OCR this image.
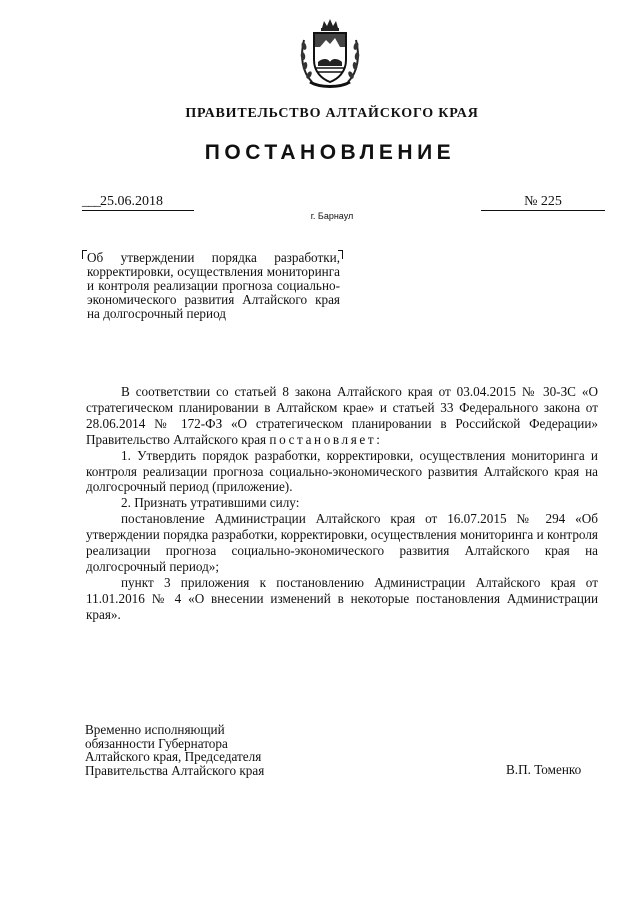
ПРАВИТЕЛЬСТВО АЛТАЙСКОГО КРАЯ
ПОСТАНОВЛЕНИЕ
___25.06.2018	№ 225
г. Барнаул
Об утверждении порядка разработки, корректировки, осуществления мониторинга и контроля реализации прогноза социально-экономического развития Алтайского края на долгосрочный период

В соответствии со статьей 8 закона Алтайского края от 03.04.2015 № 30-ЗС «О стратегическом планировании в Алтайском крае» и статьей 33 Федерального закона от 28.06.2014 № 172-ФЗ «О стратегическом планировании в Российской Федерации» Правительство Алтайского края постановляет:

1. Утвердить порядок разработки, корректировки, осуществления мониторинга и контроля реализации прогноза социально-экономического развития Алтайского края на долгосрочный период (приложение).

2. Признать утратившими силу:

постановление Администрации Алтайского края от 16.07.2015 № 294 «Об утверждении порядка разработки, корректировки, осуществления мониторинга и контроля реализации прогноза социально-экономического развития Алтайского края на долгосрочный период»;

пункт 3 приложения к постановлению Администрации Алтайского края от 11.01.2016 № 4 «О внесении изменений в некоторые постановления Администрации края».

Временно исполняющий
обязанности Губернатора
Алтайского края, Председателя
Правительства Алтайского края	В.П. Томенко
